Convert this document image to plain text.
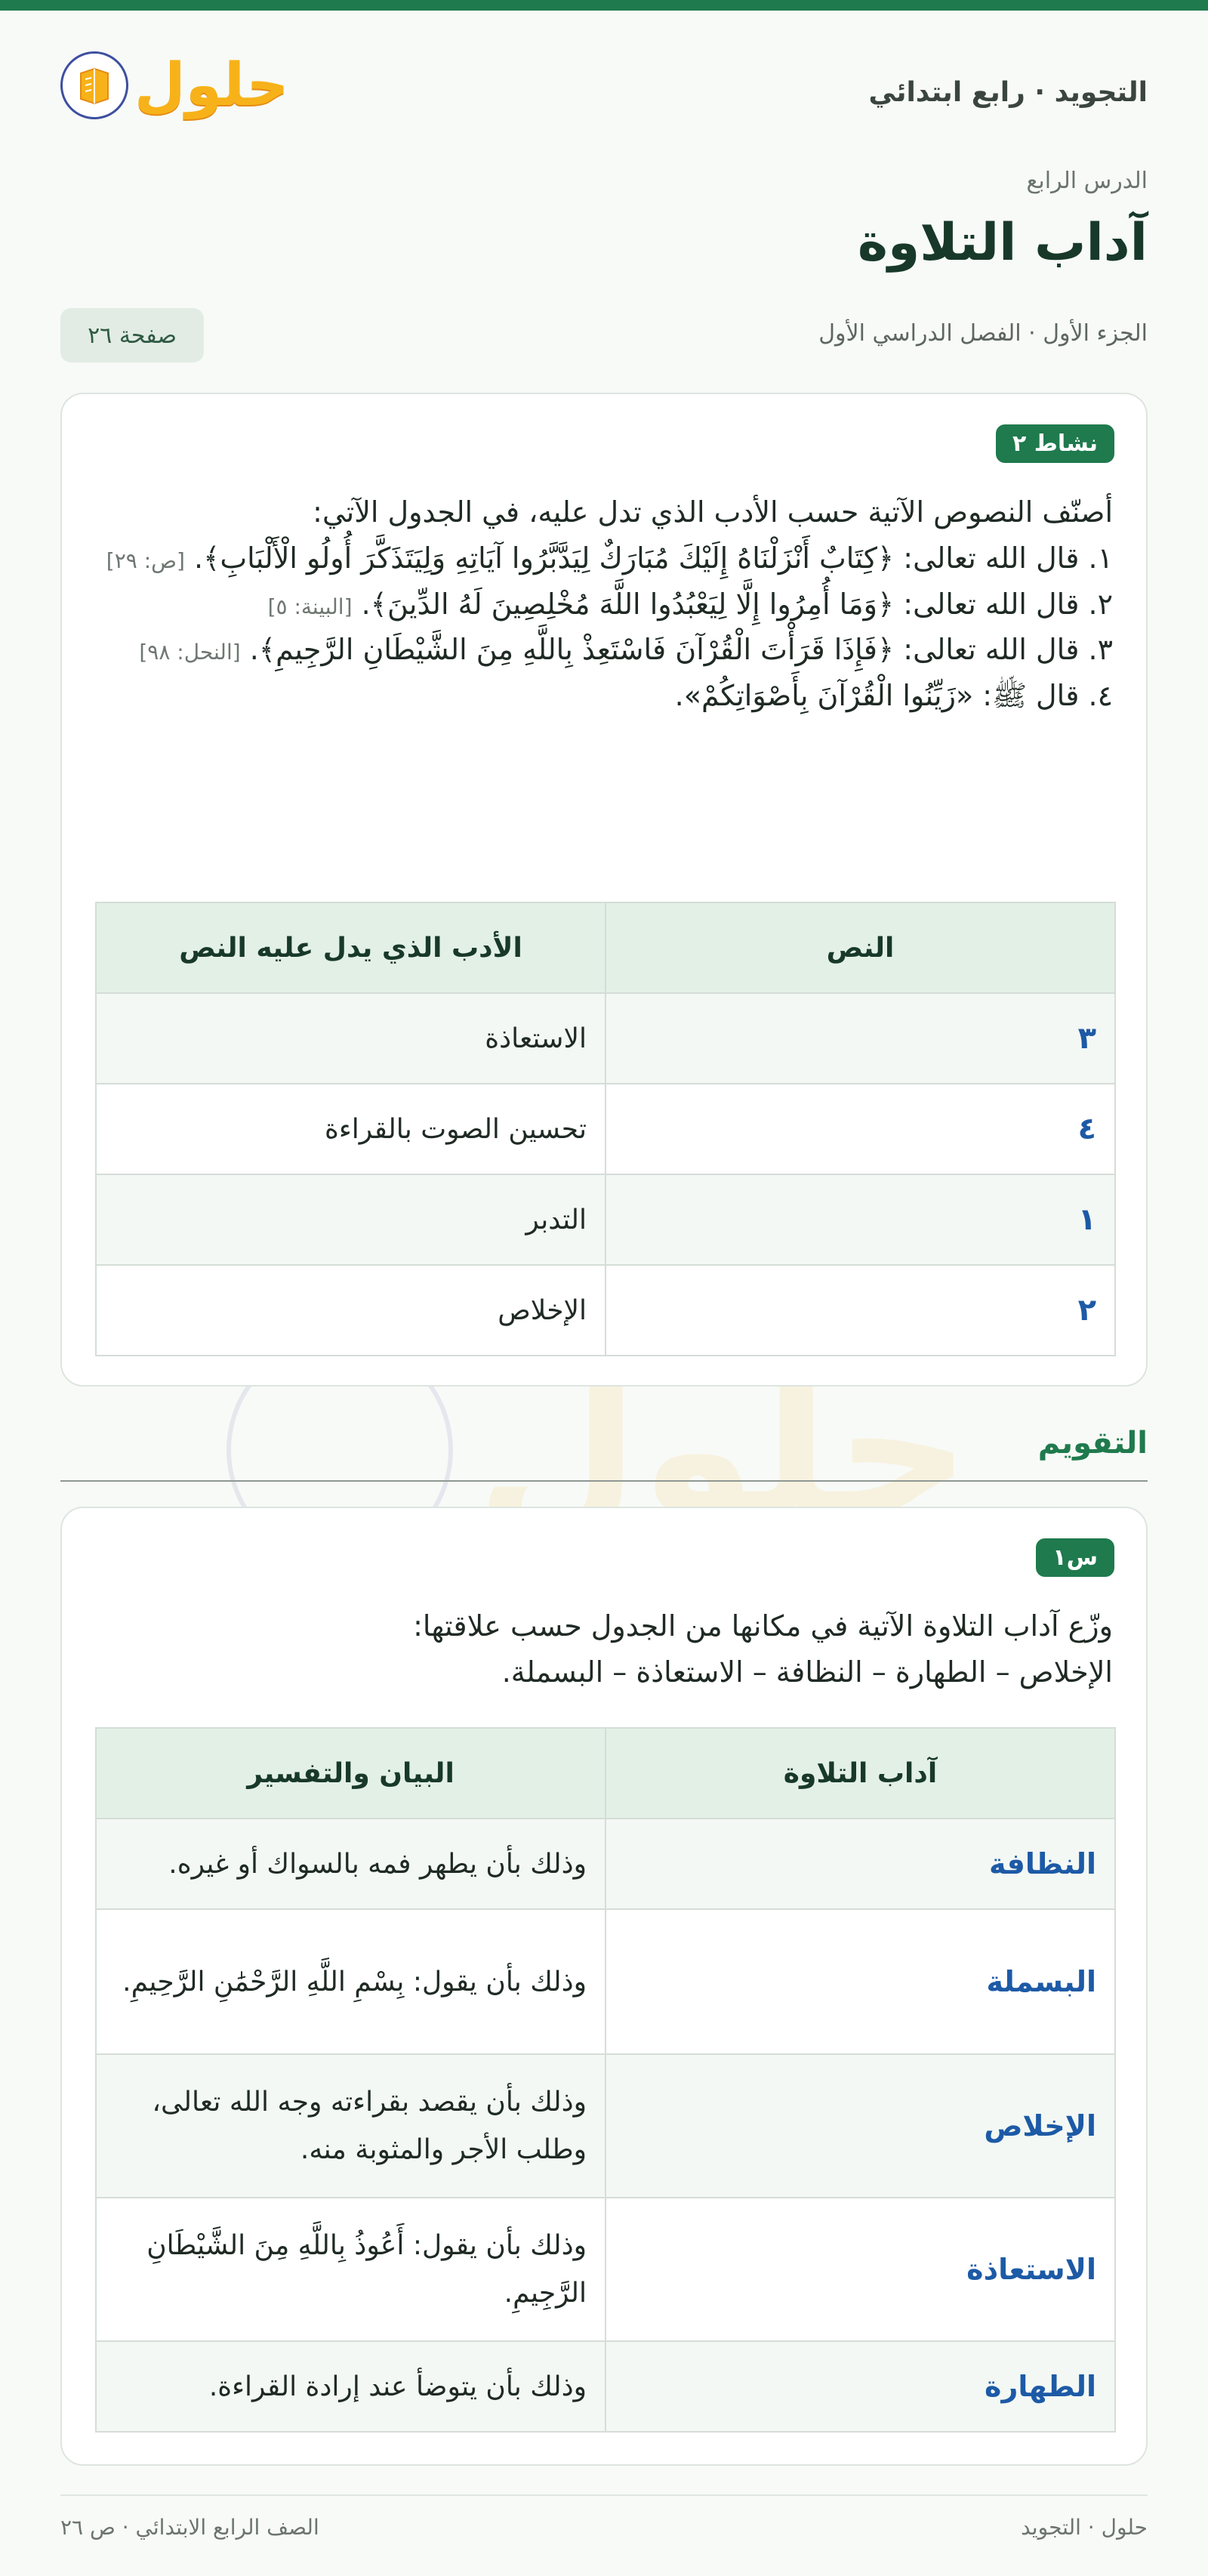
حلول	التجويد · رابع ابتدائي
الدرس الرابع
آداب التلاوة
الجزء الأول · الفصل الدراسي الأول
صفحة ٢٦
حلول
نشاط ٢
أصنّف النصوص الآتية حسب الأدب الذي تدل عليه، في الجدول الآتي:
١. قال الله تعالى: ﴿كِتَابٌ أَنْزَلْنَاهُ إِلَيْكَ مُبَارَكٌ لِيَدَّبَّرُوا آيَاتِهِ وَلِيَتَذَكَّرَ أُولُو الْأَلْبَابِ﴾. [ص: ٢٩]
٢. قال الله تعالى: ﴿وَمَا أُمِرُوا إِلَّا لِيَعْبُدُوا اللَّهَ مُخْلِصِينَ لَهُ الدِّينَ﴾. [البينة: ٥]
٣. قال الله تعالى: ﴿فَإِذَا قَرَأْتَ الْقُرْآنَ فَاسْتَعِذْ بِاللَّهِ مِنَ الشَّيْطَانِ الرَّجِيمِ﴾. [النحل: ٩٨]
٤. قال ﷺ: «زَيِّنُوا الْقُرْآنَ بِأَصْوَاتِكُمْ».
النص	الأدب الذي يدل عليه النص
٣	الاستعاذة
٤	تحسين الصوت بالقراءة
١	التدبر
٢	الإخلاص
التقويم
س١
وزّع آداب التلاوة الآتية في مكانها من الجدول حسب علاقتها:
الإخلاص – الطهارة – النظافة – الاستعاذة – البسملة.
آداب التلاوة	البيان والتفسير
النظافة	وذلك بأن يطهر فمه بالسواك أو غيره.
البسملة	وذلك بأن يقول: بِسْمِ اللَّهِ الرَّحْمَٰنِ الرَّحِيمِ.
الإخلاص	وذلك بأن يقصد بقراءته وجه الله تعالى، وطلب الأجر والمثوبة منه.
الاستعاذة	وذلك بأن يقول: أَعُوذُ بِاللَّهِ مِنَ الشَّيْطَانِ الرَّجِيمِ.
الطهارة	وذلك بأن يتوضأ عند إرادة القراءة.
حلول · التجويد
الصف الرابع الابتدائي · ص ٢٦
